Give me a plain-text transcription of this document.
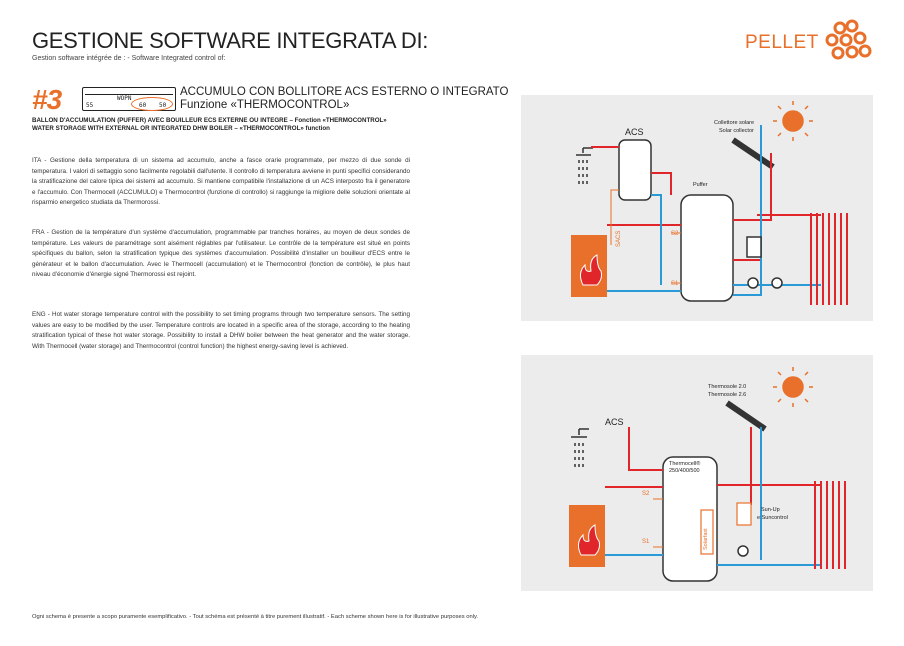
GESTIONE SOFTWARE INTEGRATA DI:
Gestion software intégrée de : - Software Integrated control of:
PELLET
#3	55
WOPN
60 50
ACCUMULO CON BOLLITORE ACS ESTERNO O INTEGRATO
Funzione «THERMOCONTROL»
BALLON D'ACCUMULATION (PUFFER) AVEC BOUILLEUR ECS EXTERNE OU INTEGRE – Fonction «THERMOCONTROL»
WATER STORAGE WITH EXTERNAL OR INTEGRATED DHW BOILER – «THERMOCONTROL» function

ITA - Gestione della temperatura di un sistema ad accumulo, anche a fasce orarie programmate, per mezzo di due sonde di temperatura. I valori di settaggio sono facilmente regolabili dall'utente. Il controllo di temperatura avviene in punti specifici considerando la stratificazione del calore tipica dei sistemi ad accumulo. Si mantiene compatibile l'installazione di un ACS interposto fra il generatore e l'accumulo. Con Thermocell (ACCUMULO) e Thermocontrol (funzione di controllo) si raggiunge la migliore delle soluzioni orientate al risparmio energetico studiata da Thermorossi.

FRA - Gestion de la température d'un système d'accumulation, programmable par tranches horaires, au moyen de deux sondes de température. Les valeurs de paramétrage sont aisément réglables par l'utilisateur. Le contrôle de la température est situé en points spécifiques du ballon, selon la stratification typique des systèmes d'accumulation. Possibilité d'installer un bouilleur d'ECS entre le générateur et le ballon d'accumulation. Avec le Thermocell (accumulation) et le Thermocontrol (fonction de contrôle), le plus haut niveau d'économie d'énergie signé Thermorossi est rejoint.

ENG - Hot water storage temperature control with the possibility to set timing programs through two temperature sensors. The setting values are easy to be modified by the user. Temperature controls are located in a specific area of the storage, according to the heating stratification typical of these hot water storage. Possibility to install a DHW boiler between the heat generator and the water storage. With Thermocell (water storage) and Thermocontrol (control function) the highest energy-saving level is achieved.

ACS
Puffer
Collettore solare
Solar collector
SACS	S2
S1
ACS
Thermocell®
250/400/500
Thermosole 2.0
Thermosole 2.6
Sun-Up
e Suncontrol
Solarfast
S2
S1
Ogni schema è presente a scopo puramente esemplificativo. - Tout schéma est présenté à titre purement illustratif. - Each scheme shown here is for illustrative purposes only.
